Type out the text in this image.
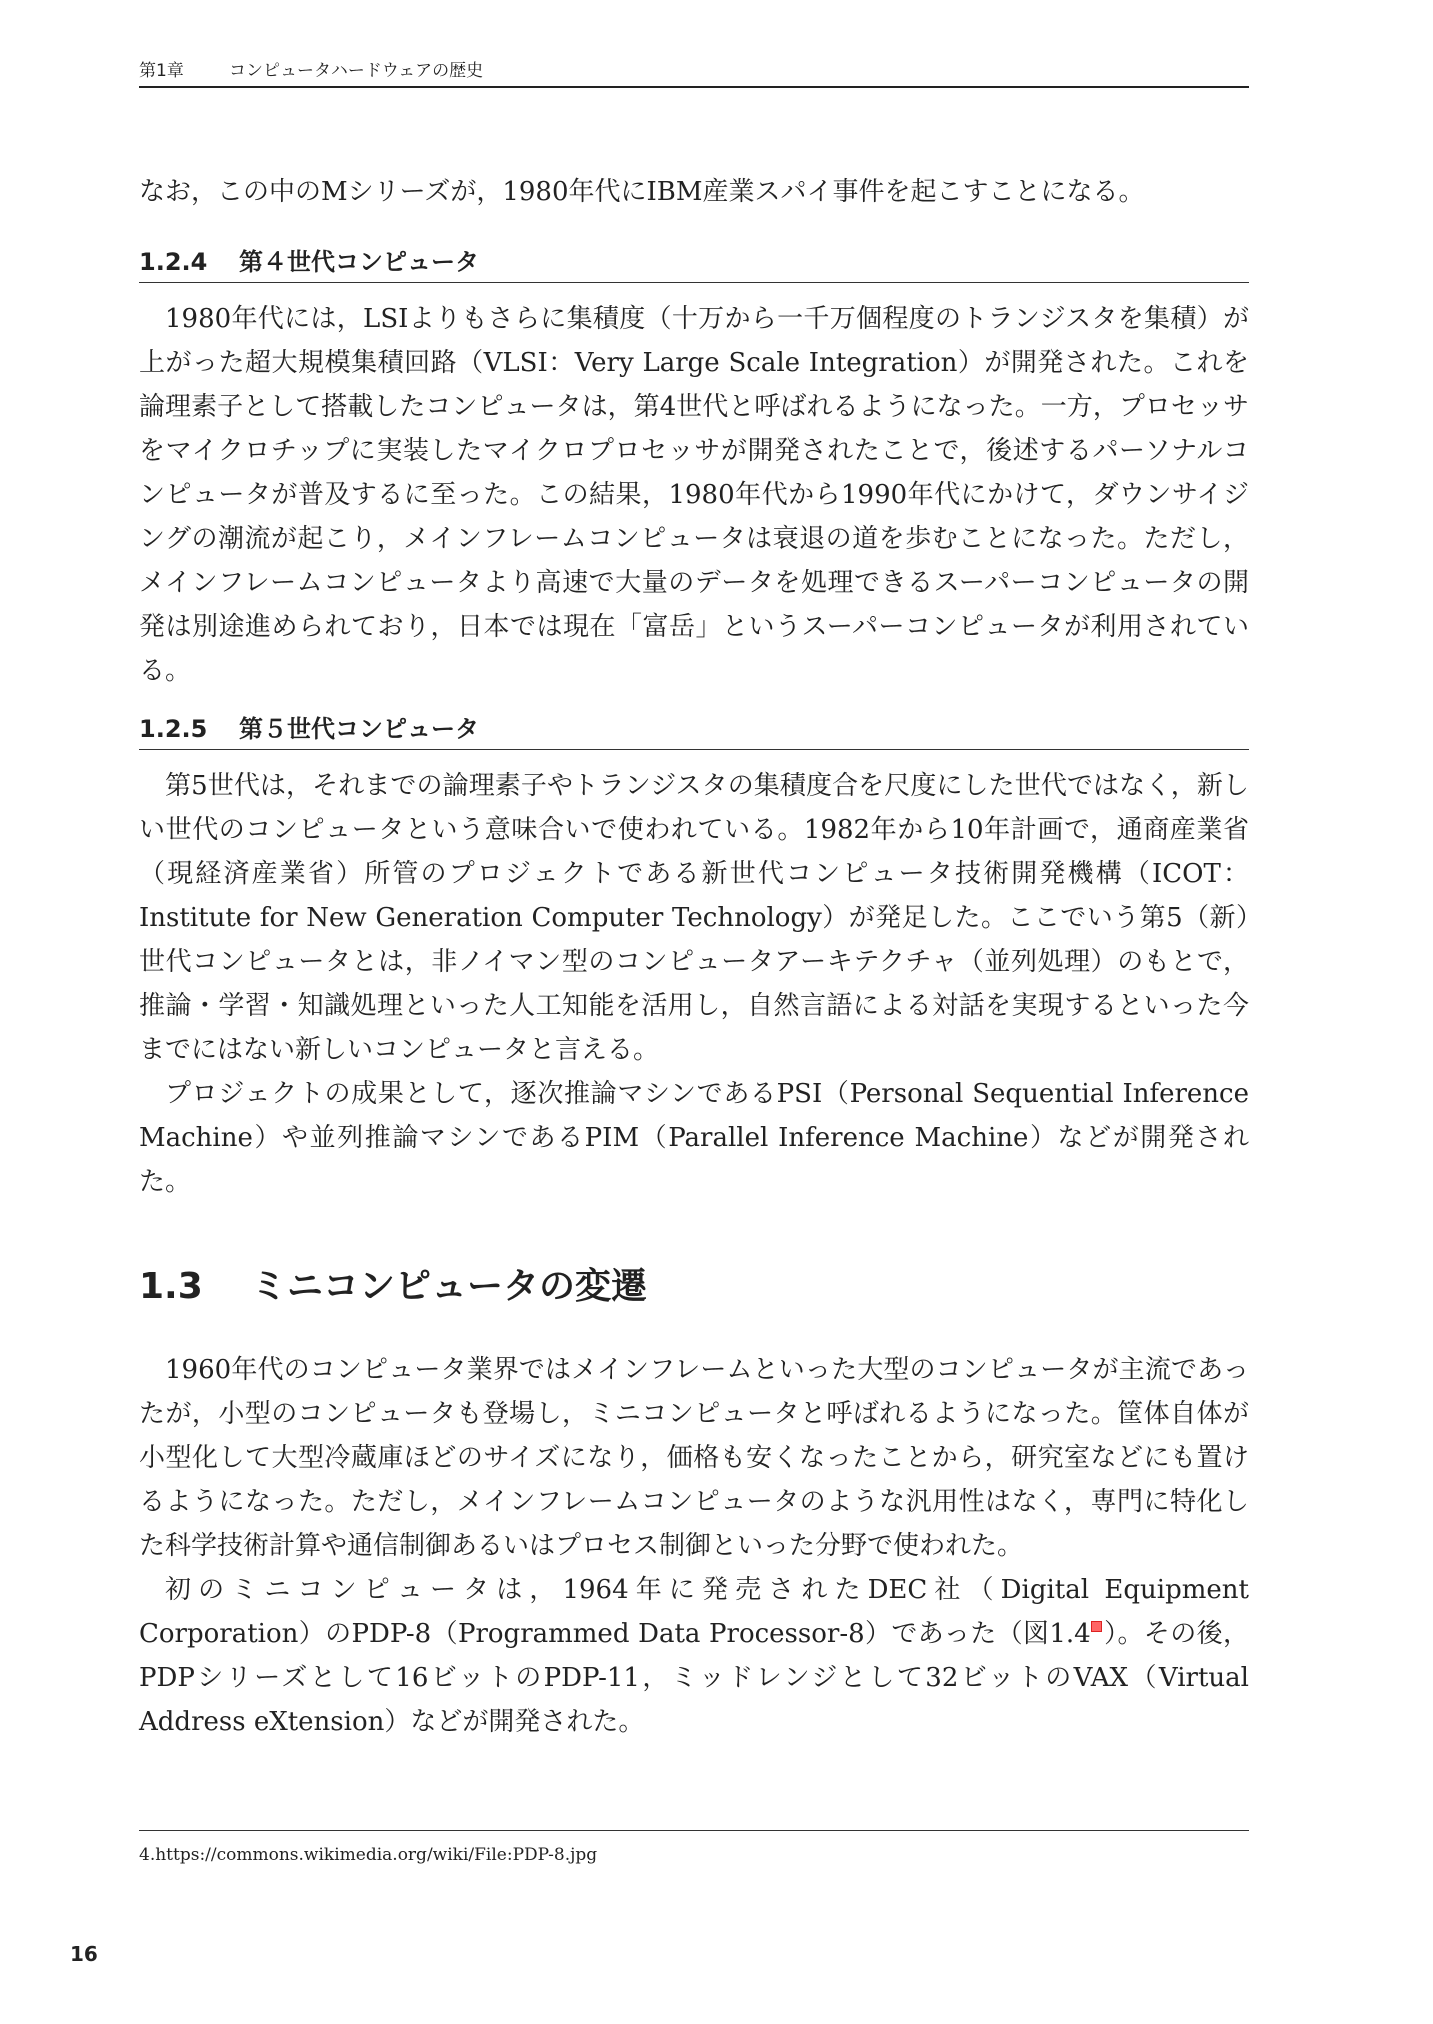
第1章	コンピュータハードウェアの歴史

なお，この中のMシリーズが，1980年代にIBM産業スパイ事件を起こすことになる。

1.2.4 第４世代コンピュータ

1980年代には，LSIよりもさらに集積度（十万から一千万個程度のトランジスタを集積）が上がった超大規模集積回路（VLSI：Very Large Scale Integration）が開発された。これを論理素子として搭載したコンピュータは，第4世代と呼ばれるようになった。一方，プロセッサをマイクロチップに実装したマイクロプロセッサが開発されたことで，後述するパーソナルコンピュータが普及するに至った。この結果，1980年代から1990年代にかけて，ダウンサイジングの潮流が起こり，メインフレームコンピュータは衰退の道を歩むことになった。ただし，メインフレームコンピュータより高速で大量のデータを処理できるスーパーコンピュータの開発は別途進められており，日本では現在「富岳」というスーパーコンピュータが利用されている。

1.2.5 第５世代コンピュータ

第5世代は，それまでの論理素子やトランジスタの集積度合を尺度にした世代ではなく，新しい世代のコンピュータという意味合いで使われている。1982年から10年計画で，通商産業省（現経済産業省）所管のプロジェクトである新世代コンピュータ技術開発機構（ICOT：Institute for New Generation Computer Technology）が発足した。ここでいう第5（新）世代コンピュータとは，非ノイマン型のコンピュータアーキテクチャ（並列処理）のもとで，推論・学習・知識処理といった人工知能を活用し，自然言語による対話を実現するといった今までにはない新しいコンピュータと言える。

プロジェクトの成果として，逐次推論マシンであるPSI（Personal Sequential Inference Machine）や並列推論マシンであるPIM（Parallel Inference Machine）などが開発された。

1.3 ミニコンピュータの変遷

1960年代のコンピュータ業界ではメインフレームといった大型のコンピュータが主流であったが，小型のコンピュータも登場し，ミニコンピュータと呼ばれるようになった。筐体自体が小型化して大型冷蔵庫ほどのサイズになり，価格も安くなったことから，研究室などにも置けるようになった。ただし，メインフレームコンピュータのような汎用性はなく，専門に特化した科学技術計算や通信制御あるいはプロセス制御といった分野で使われた。

初のミニコンピュータは，1964年に発売されたDEC社（Digital Equipment Corporation）のPDP-8（Programmed Data Processor-8）であった（図1.4 ）。その後，PDPシリーズとして16ビットのPDP-11，ミッドレンジとして32ビットのVAX（Virtual Address eXtension）などが開発された。

4.https://commons.wikimedia.org/wiki/File:PDP-8.jpg
16
